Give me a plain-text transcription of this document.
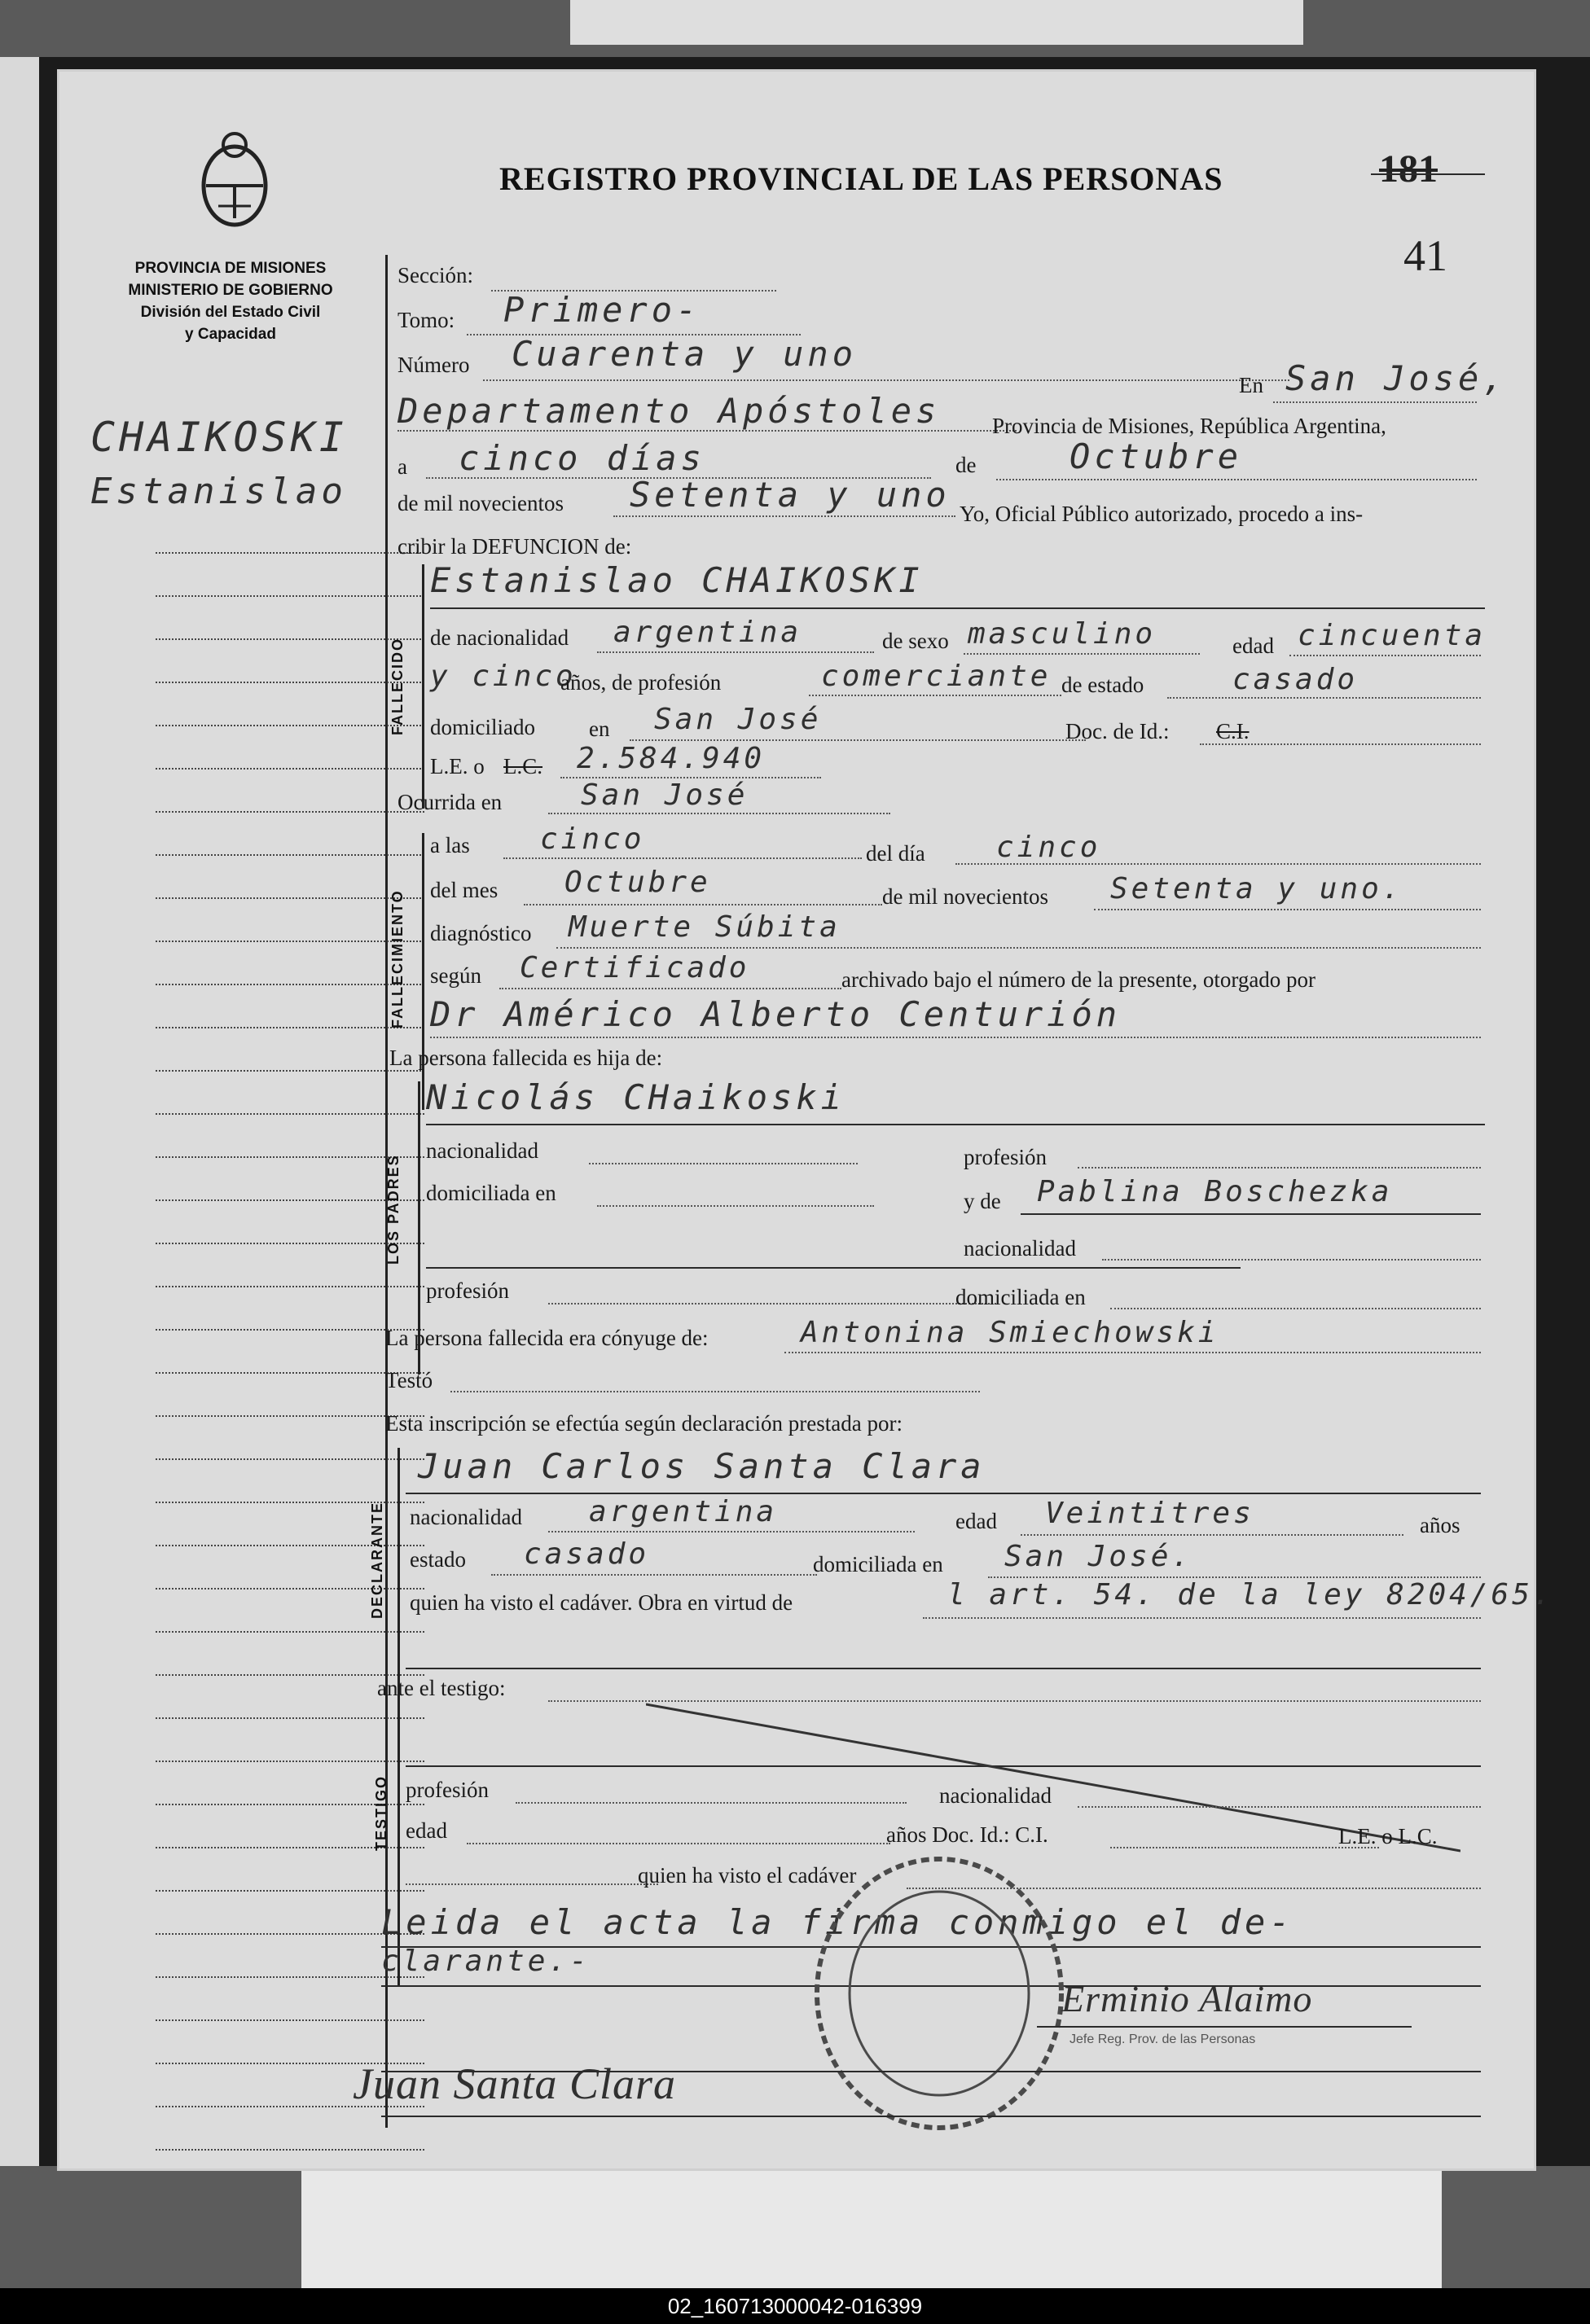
REGISTRO PROVINCIAL DE LAS PERSONAS	181
41
PROVINCIA DE MISIONES
MINISTERIO DE GOBIERNO
División del Estado Civil
y Capacidad
CHAIKOSKI
Estanislao
Sección:
Tomo: Primero-
Número Cuarenta y uno
En San José,
Departamento Apóstoles Provincia de Misiones, República Argentina,
a cinco días	de	Octubre
de mil novecientos Setenta y uno Yo, Oficial Público autorizado, procedo a ins-
cribir la DEFUNCION de:
FALLECIDO
Estanislao CHAIKOSKI
de nacionalidad argentina	de sexo masculino	edad cincuenta
y cinco
años, de profesión	comerciante de estado	casado
domiciliado en San José	Doc. de Id.: C.I.
L.E. o L.C. 2.584.940
Ocurrida en	San José
FALLECIMIENTO
a las cinco	del día cinco
del mes Octubre	de mil novecientos Setenta y uno.
diagnóstico Muerte Súbita
según Certificado	archivado bajo el número de la presente, otorgado por
Dr Américo Alberto Centurión
La persona fallecida es hija de:
LOS PADRES
Nicolás CHaikoski
nacionalidad	profesión
domiciliada en	y de Pablina Boschezka
nacionalidad
profesión	domiciliada en
La persona fallecida era cónyuge de:	Antonina Smiechowski
Testó
Esta inscripción se efectúa según declaración prestada por:
DECLARANTE
Juan Carlos Santa Clara
nacionalidad argentina	edad Veintitres	años
estado casado	domiciliada en San José.
quien ha visto el cadáver. Obra en virtud de	l art. 54. de la ley 8204/65.
ante el testigo:
TESTIGO profesión	nacionalidad
edad	años Doc. Id.: C.I.	L.E. o L.C.
quien ha visto el cadáver
Leida el acta la firma conmigo el de-
clarante.-
Erminio Alaimo
Jefe Reg. Prov. de las Personas
Juan Santa Clara
02_160713000042-016399
